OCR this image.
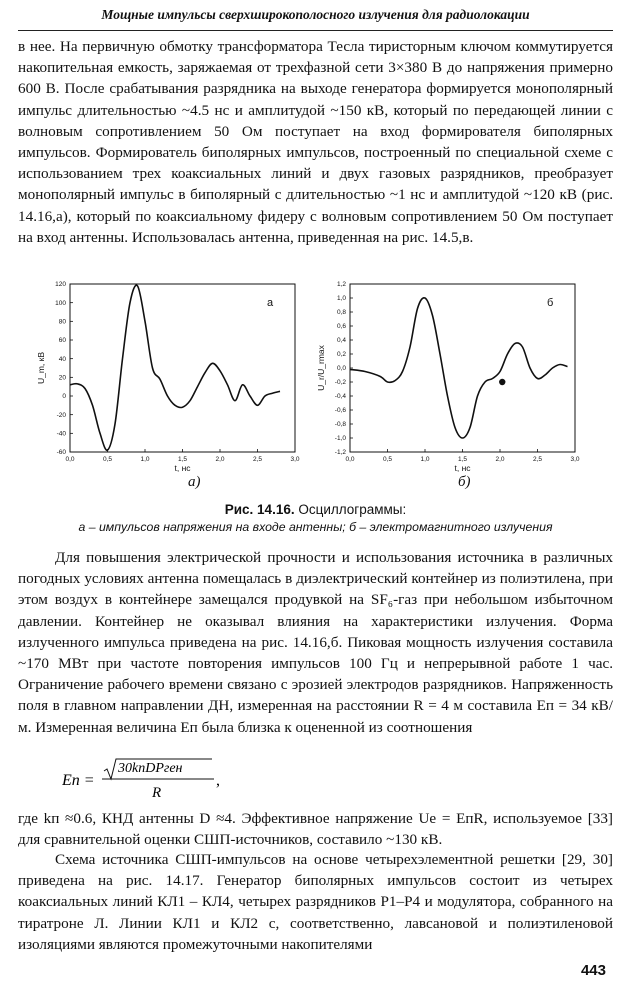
Мощные импульсы сверхширокополосного излучения для радиолокации

в нее. На первичную обмотку трансформатора Тесла тиристорным ключом коммутируется накопительная емкость, заряжаемая от трехфазной сети 3×380 В до напряжения примерно 600 В. После срабатывания разрядника на выходе генератора формируется монополярный импульс длительностью ~4.5 нс и амплитудой ~150 кВ, который по передающей линии с волновым сопротивлением 50 Ом поступает на вход формирователя биполярных импульсов. Формирователь биполярных импульсов, построенный по специальной схеме с использованием трех коаксиальных линий и двух газовых разрядников, преобразует монополярный импульс в биполярный с длительностью ~1 нс и амплитудой ~120 кВ (рис. 14.16,а), который по коаксиальному фидеру с волновым сопротивлением 50 Ом поступает на вход антенны. Использовалась антенна, приведенная на рис. 14.5,в.

0,0	0,5	1,0	1,5	2,0	2,5	3,0
120
100
80
60
40
20
0
-20
-40
-60
t, нс
U_m, кВ
а
0,0	0,5	1,0	1,5	2,0	2,5	3,0
1,2
1,0
0,8
0,6
0,4
0,2
0,0
-0,2
-0,4
-0,6
-0,8
-1,0
-1,2
t, нс
U_r/U_rmax
б
а)	б)
Рис. 14.16. Осциллограммы:
а – импульсов напряжения на входе антенны; б – электромагнитного излучения

Для повышения электрической прочности и использования источника в различных погодных условиях антенна помещалась в диэлектрический контейнер из полиэтилена, при этом воздух в контейнере замещался продувкой на SF₆-газ при небольшом избыточном давлении. Контейнер не оказывал влияния на характеристики излучения. Форма излученного импульса приведена на рис. 14.16,б. Пиковая мощность излучения составила ~170 МВт при частоте повторения импульсов 100 Гц и непрерывной работе 1 час. Ограничение рабочего времени связано с эрозией электродов разрядников. Напряженность поля в главном направлении ДН, измеренная на расстоянии R = 4 м составила Eп = 34 кВ/м. Измеренная величина Eп была близка к оцененной из соотношения

Eп =
30kпDPген
R
,

где kп ≈0.6, КНД антенны D ≈4. Эффективное напряжение Ue = EпR, используемое [33] для сравнительной оценки СШП-источников, составило ~130 кВ.

Схема источника СШП-импульсов на основе четырехэлементной решетки [29, 30] приведена на рис. 14.17. Генератор биполярных импульсов состоит из четырех коаксиальных линий КЛ1 – КЛ4, четырех разрядников Р1–Р4 и модулятора, собранного на тиратроне Л. Линии КЛ1 и КЛ2 с, соответственно, лавсановой и полиэтиленовой изоляциями являются промежуточными накопителями

443
